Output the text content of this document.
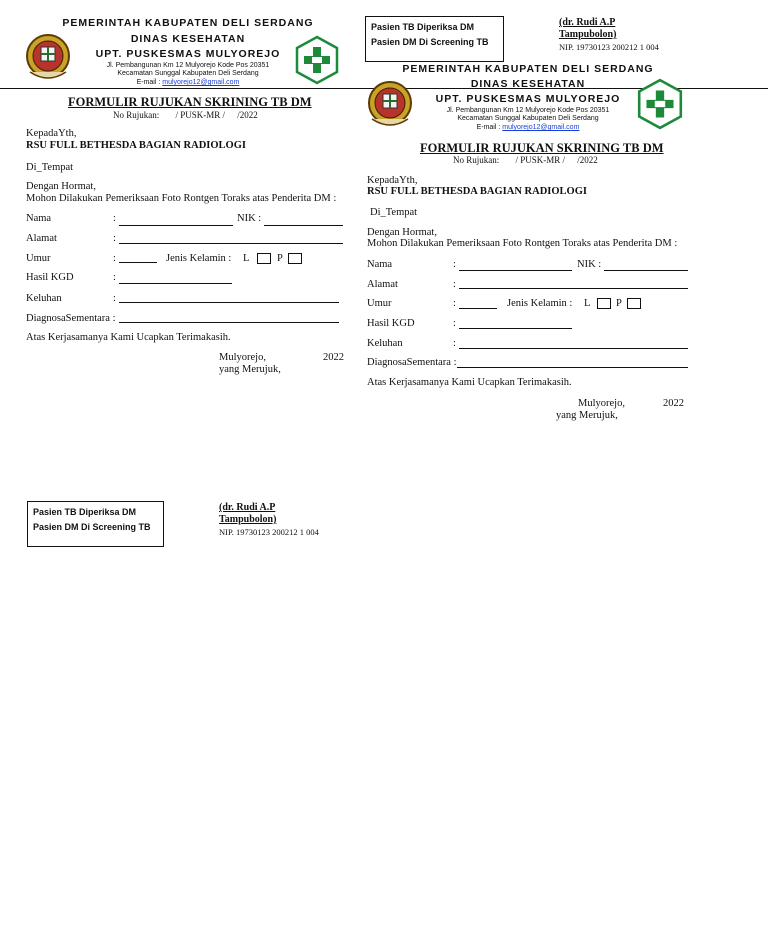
PEMERINTAH KABUPATEN DELI SERDANG
DINAS KESEHATAN
UPT. PUSKESMAS MULYOREJO
Jl. Pembangunan Km 12 Mulyorejo Kode Pos 20351
Kecamatan Sunggal Kabupaten Deli Serdang
E-mail : mulyorejo12@gmail.com
FORMULIR RUJUKAN SKRINING TB DM
No Rujukan: / PUSK-MR / /2022
KepadaYth,
RSU FULL BETHESDA BAGIAN RADIOLOGI
Di_Tempat
Dengan Hormat,
Mohon Dilakukan Pemeriksaan Foto Rontgen Toraks atas Penderita DM :
Nama	:	NIK :
Alamat	:
Umur	:	Jenis Kelamin : L	P
Hasil KGD	:
Keluhan	:
DiagnosaSementara :
Atas Kerjasamanya Kami Ucapkan Terimakasih.
Mulyorejo,	2022
yang Merujuk,
Pasien TB Diperiksa DM
Pasien DM Di Screening TB
(dr. Rudi A.P
Tampubolon)
NIP. 19730123 200212 1 004
Pasien TB Diperiksa DM
Pasien DM Di Screening TB
(dr. Rudi A.P
Tampubolon)
NIP. 19730123 200212 1 004
PEMERINTAH KABUPATEN DELI SERDANG
DINAS KESEHATAN
UPT. PUSKESMAS MULYOREJO
Jl. Pembangunan Km 12 Mulyorejo Kode Pos 20351
Kecamatan Sunggal Kabupaten Deli Serdang
E-mail : mulyorejo12@gmail.com
FORMULIR RUJUKAN SKRINING TB DM
No Rujukan: / PUSK-MR / /2022
KepadaYth,
RSU FULL BETHESDA BAGIAN RADIOLOGI
Di_Tempat
Dengan Hormat,
Mohon Dilakukan Pemeriksaan Foto Rontgen Toraks atas Penderita DM :
Nama	:	NIK :
Alamat	:
Umur	:	Jenis Kelamin : L P
Hasil KGD	:
Keluhan	:
DiagnosaSementara :
Atas Kerjasamanya Kami Ucapkan Terimakasih.
Mulyorejo,	2022
yang Merujuk,
